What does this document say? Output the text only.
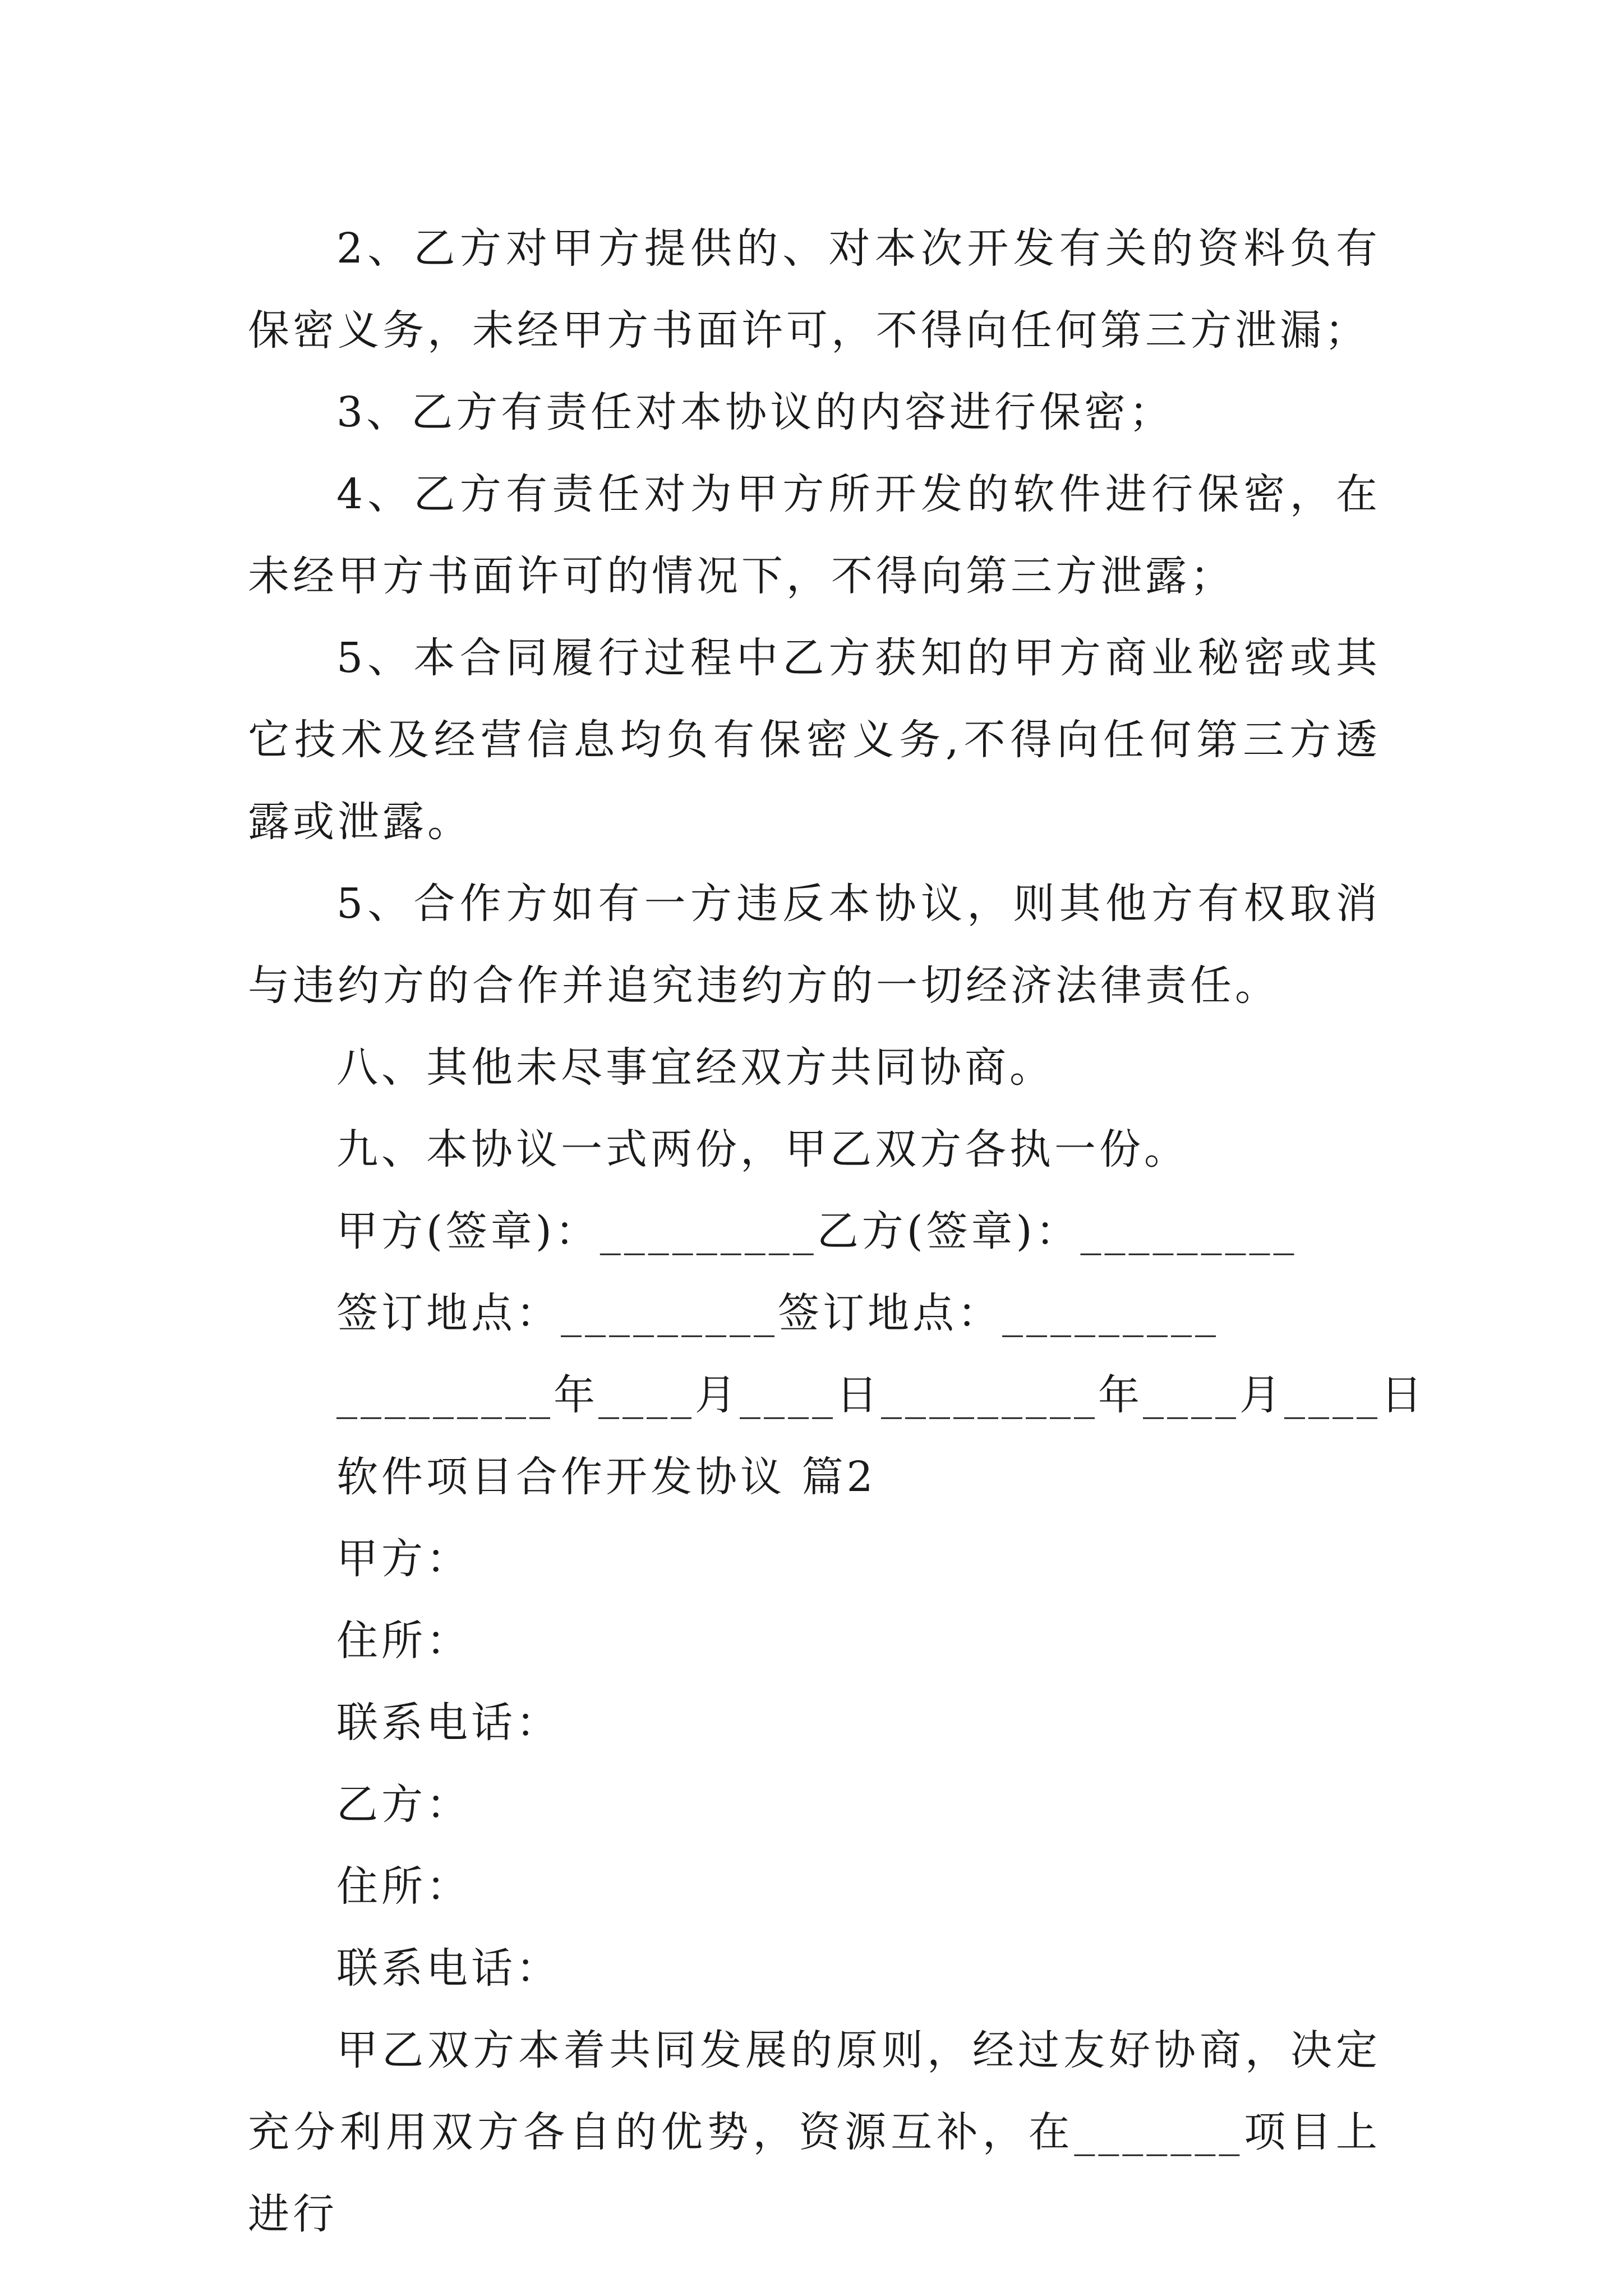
2、乙方对甲方提供的、对本次开发有关的资料负有保密义务，未经甲方书面许可，不得向任何第三方泄漏；

3、乙方有责任对本协议的内容进行保密；

4、乙方有责任对为甲方所开发的软件进行保密，在未经甲方书面许可的情况下，不得向第三方泄露；

5、本合同履行过程中乙方获知的甲方商业秘密或其它技术及经营信息均负有保密义务,不得向任何第三方透露或泄露。

5、合作方如有一方违反本协议，则其他方有权取消与违约方的合作并追究违约方的一切经济法律责任。

八、其他未尽事宜经双方共同协商。

九、本协议一式两份，甲乙双方各执一份。

甲方(签章)：_________乙方(签章)：_________

签订地点：_________签订地点：_________

_________年____月____日_________年____月____日

软件项目合作开发协议 篇2

甲方：

住所：

联系电话：

乙方：

住所：

联系电话：

甲乙双方本着共同发展的原则，经过友好协商，决定充分利用双方各自的优势，资源互补，在_______项目上进行
